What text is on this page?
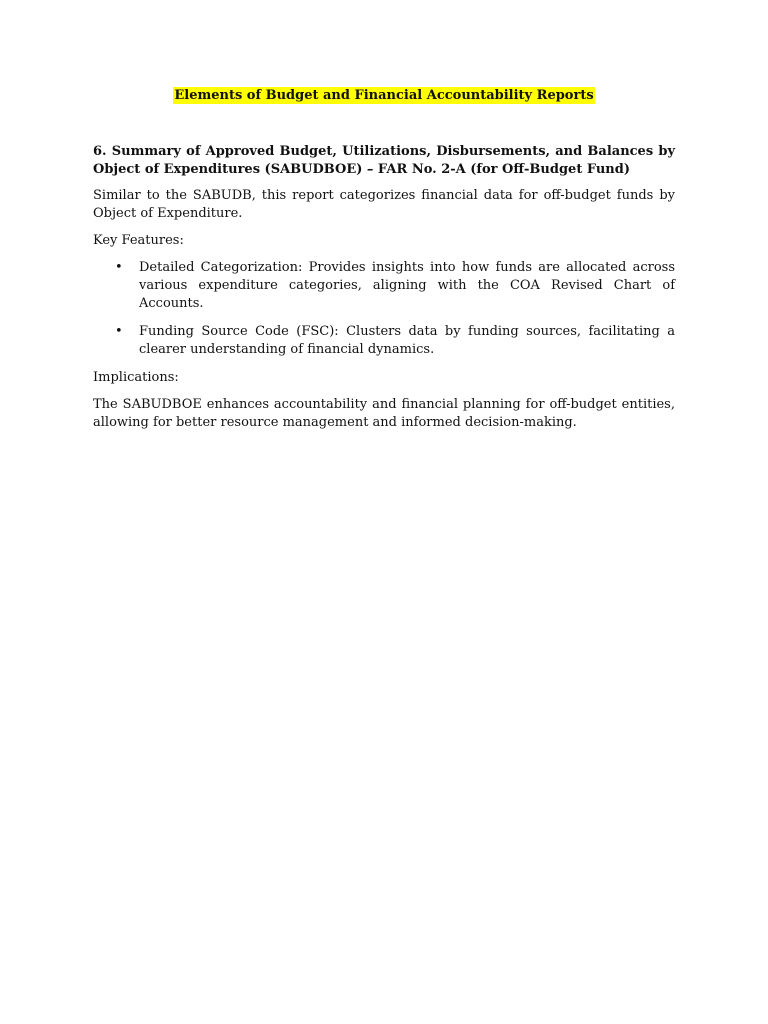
Elements of Budget and Financial Accountability Reports

6. Summary of Approved Budget, Utilizations, Disbursements, and Balances by Object of Expenditures (SABUDBOE) – FAR No. 2-A (for Off-Budget Fund)

Similar to the SABUDB, this report categorizes financial data for off-budget funds by Object of Expenditure.

Key Features:

• Detailed Categorization: Provides insights into how funds are allocated across various expenditure categories, aligning with the COA Revised Chart of Accounts.
• Funding Source Code (FSC): Clusters data by funding sources, facilitating a clearer understanding of financial dynamics.

Implications:

The SABUDBOE enhances accountability and financial planning for off-budget entities, allowing for better resource management and informed decision-making.
